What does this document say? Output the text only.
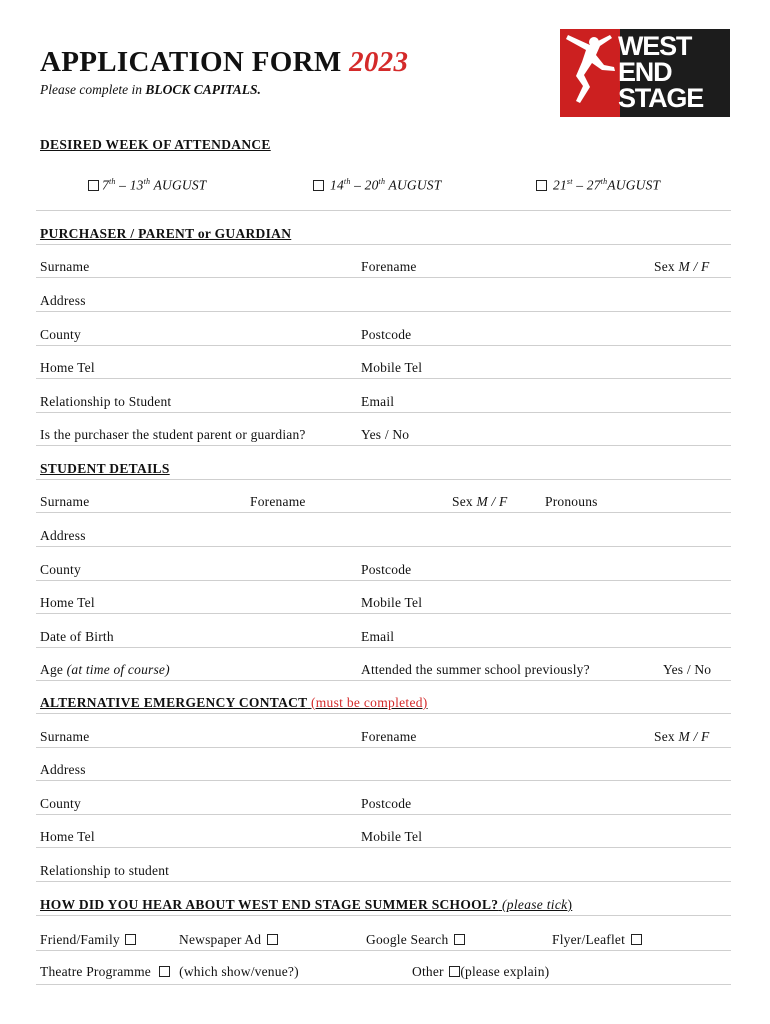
APPLICATION FORM 2023
Please complete in BLOCK CAPITALS.
WEST
END
STAGE
DESIRED WEEK OF ATTENDANCE
7th – 13th AUGUST	14th – 20th AUGUST	21st – 27thAUGUST
PURCHASER / PARENT or GUARDIAN
Surname	Forename	Sex M / F
Address
County	Postcode
Home Tel	Mobile Tel
Relationship to Student	Email
Is the purchaser the student parent or guardian?	Yes / No
STUDENT DETAILS
Surname	Forename	Sex M / F	Pronouns
Address
County	Postcode
Home Tel	Mobile Tel
Date of Birth	Email
Age (at time of course)	Attended the summer school previously?	Yes / No
ALTERNATIVE EMERGENCY CONTACT (must be completed)
Surname	Forename	Sex M / F
Address
County	Postcode
Home Tel	Mobile Tel
Relationship to student
HOW DID YOU HEAR ABOUT WEST END STAGE SUMMER SCHOOL? (please tick)
Friend/Family	Newspaper Ad	Google Search	Flyer/Leaflet
Theatre Programme (which show/venue?)	Other (please explain)
